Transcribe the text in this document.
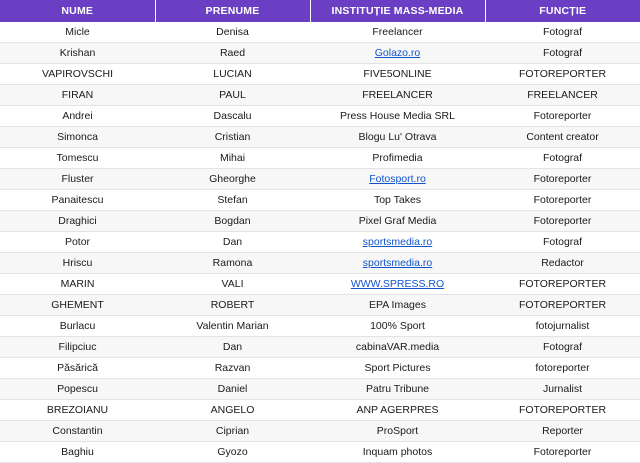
NUME	PRENUME	INSTITUȚIE MASS-MEDIA	FUNCȚIE
Micle	Denisa	Freelancer	Fotograf
Krishan	Raed	Golazo.ro	Fotograf
VAPIROVSCHI	LUCIAN	FIVE5ONLINE	FOTOREPORTER
FIRAN	PAUL	FREELANCER	FREELANCER
Andrei	Dascalu	Press House Media SRL	Fotoreporter
Simonca	Cristian	Blogu Lu' Otrava	Content creator
Tomescu	Mihai	Profimedia	Fotograf
Fluster	Gheorghe	Fotosport.ro	Fotoreporter
Panaitescu	Stefan	Top Takes	Fotoreporter
Draghici	Bogdan	Pixel Graf Media	Fotoreporter
Potor	Dan	sportsmedia.ro	Fotograf
Hriscu	Ramona	sportsmedia.ro	Redactor
MARIN	VALI	WWW.SPRESS.RO	FOTOREPORTER
GHEMENT	ROBERT	EPA Images	FOTOREPORTER
Burlacu	Valentin Marian	100% Sport	fotojurnalist
Filipciuc	Dan	cabinaVAR.media	Fotograf
Păsărică	Razvan	Sport Pictures	fotoreporter
Popescu	Daniel	Patru Tribune	Jurnalist
BREZOIANU	ANGELO	ANP AGERPRES	FOTOREPORTER
Constantin	Ciprian	ProSport	Reporter
Baghiu	Gyozo	Inquam photos	Fotoreporter
